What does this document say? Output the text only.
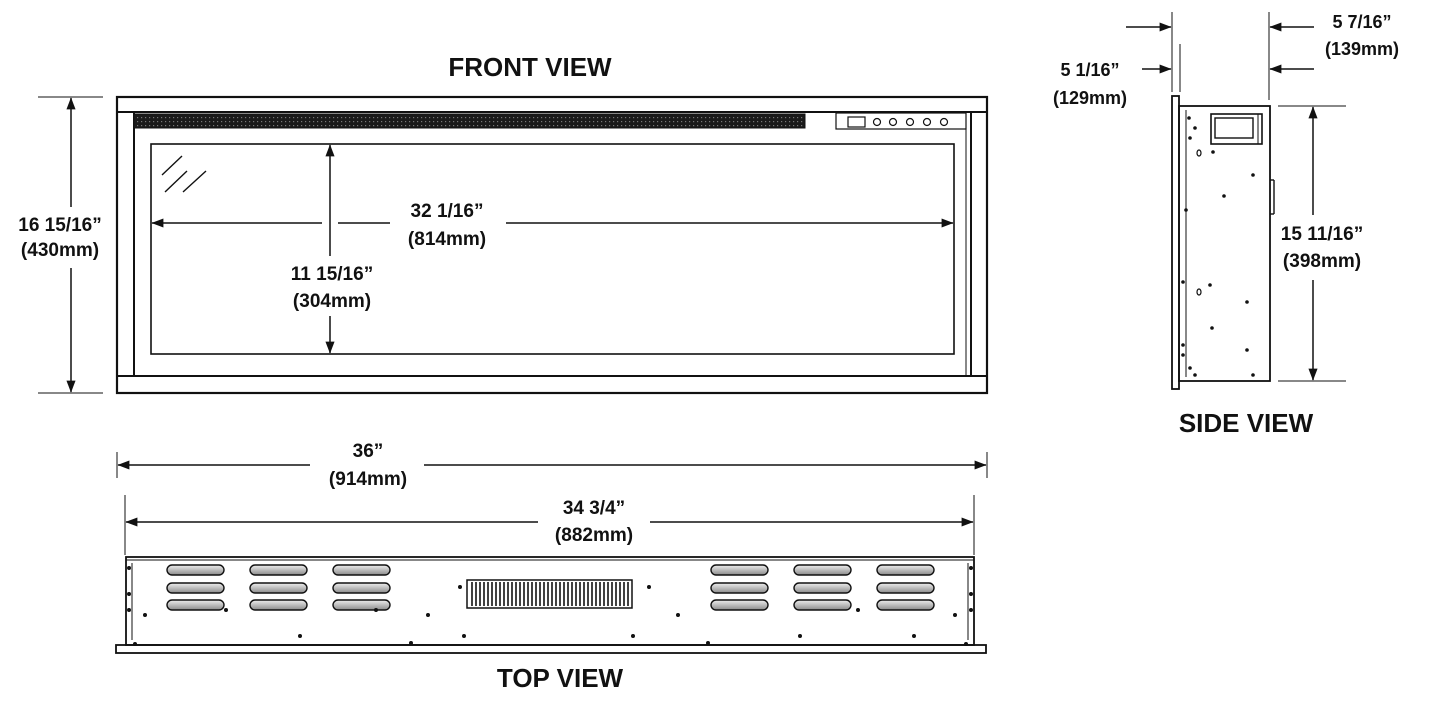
16 15/16”
(430mm)
32 1/16”
(814mm)
11 15/16”
(304mm)
FRONT VIEW
36”
(914mm)
34 3/4”
(882mm)
TOP VIEW
5 1/16”
(129mm)
5 7/16”
(139mm)
15 11/16”
(398mm)
SIDE VIEW
